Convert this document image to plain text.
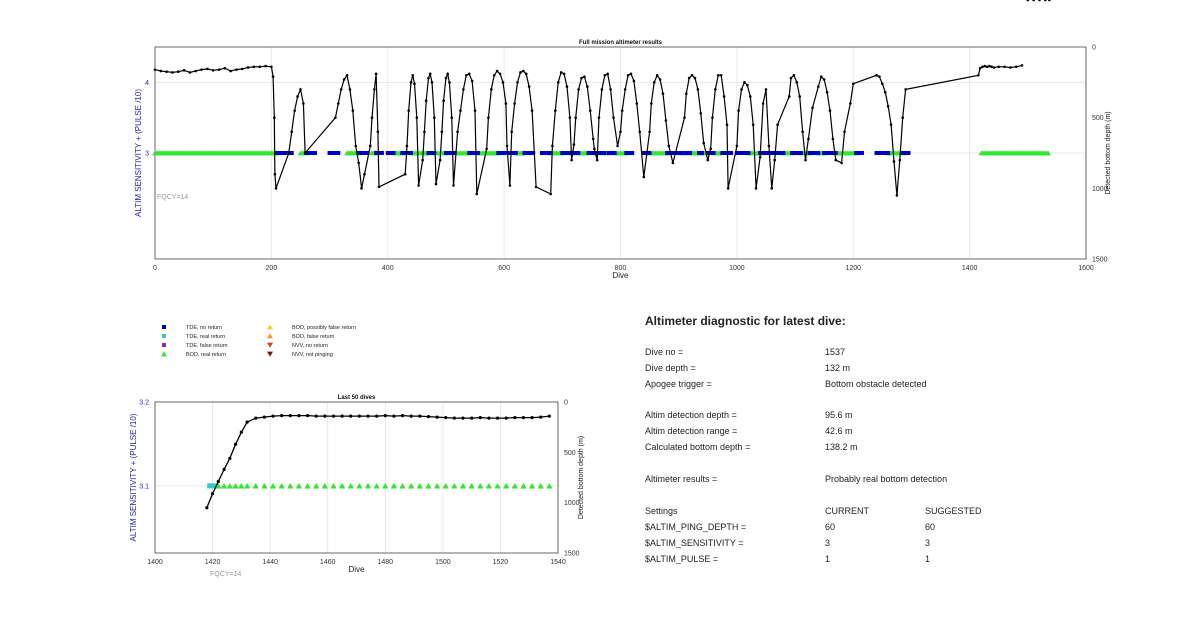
0	200	400	600	800	1000	1200	1400	1600
3
4
0
500
1000
1500
Full mission altimeter results
Dive
ALTIM SENSITIVITY + (PULSE /10)	Detected bottom depth (m)
FQCY=14
TDE, no return
TDE, real return
TDE, false return
BOD, real return
BOD, possibly false return
BOD, false return
NVV, no return
NVV, not pinging
1400	1420	1440	1460	1480	1500	1520	1540
3.1
3.2	0
500
1000
1500
Last 50 dives
Dive
ALTIM SENSITIVITY + (PULSE /10)	Detected bottom depth (m)
FQCY=14
Altimeter diagnostic for latest dive:
Dive no =	1537
Dive depth =	132 m
Apogee trigger =	Bottom obstacle detected
Altim detection depth =	95.6 m
Altim detection range =	42.6 m
Calculated bottom depth =	138.2 m
Altimeter results =	Probably real bottom detection
Settings	CURRENT	SUGGESTED
$ALTIM_PING_DEPTH =	60	60
$ALTIM_SENSITIVITY =	3	3
$ALTIM_PULSE =	1	1
